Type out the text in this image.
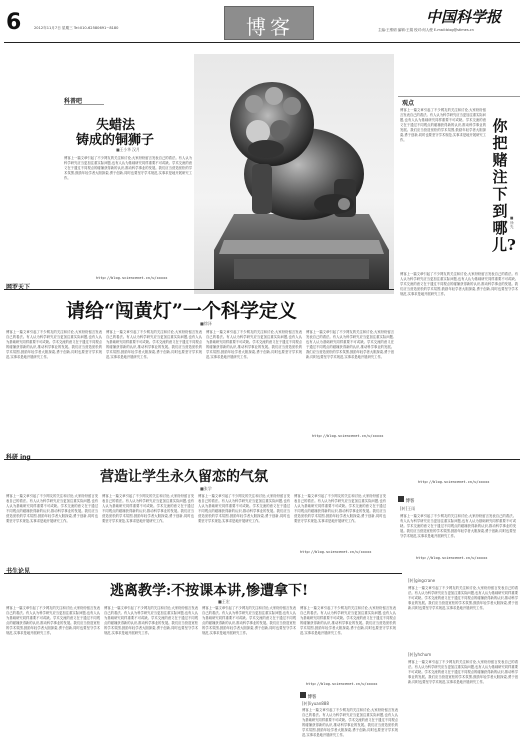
6	2012年11月7日 星期三 Tel:010-62580691~8180	博客	中国科学报
主编:王维炳 编辑:王娟 校对:何人俊 E-mail:blog@stimes.cn
科普吧
失蜡法
铸成的铜狮子
■王小华 汉月
博客上一篇文章引起了不少网友的关注和讨论,大家纷纷留言发表自己的看法。有人认为科学研究应当更加注重实际问题,也有人认为基础研究同样重要不可或缺。学术交流的意义在于通过不同观点的碰撞获得新的认识,推动科学事业的发展。我们应当营造宽松的学术氛围,鼓励年轻学者大胆探索,勇于创新,同时也要坚守学术规范,实事求是地开展研究工作。
http://blog.sciencenet.cn/u/xxxxx
观点
博客上一篇文章引起了不少网友的关注和讨论,大家纷纷留言发表自己的看法。有人认为科学研究应当更加注重实际问题,也有人认为基础研究同样重要不可或缺。学术交流的意义在于通过不同观点的碰撞获得新的认识,推动科学事业的发展。我们应当营造宽松的学术氛围,鼓励年轻学者大胆探索,勇于创新,同时也要坚守学术规范,实事求是地开展研究工作。
你把赌注下到哪儿?
■徐先
博客上一篇文章引起了不少网友的关注和讨论,大家纷纷留言发表自己的看法。有人认为科学研究应当更加注重实际问题,也有人认为基础研究同样重要不可或缺。学术交流的意义在于通过不同观点的碰撞获得新的认识,推动科学事业的发展。我们应当营造宽松的学术氛围,鼓励年轻学者大胆探索,勇于创新,同时也要坚守学术规范,实事求是地开展研究工作。
http://blog.sciencenet.cn/u/xxxxx
网罗天下
请给“闯黄灯”一个科学定义
■徐泽
博客上一篇文章引起了不少网友的关注和讨论,大家纷纷留言发表自己的看法。有人认为科学研究应当更加注重实际问题,也有人认为基础研究同样重要不可或缺。学术交流的意义在于通过不同观点的碰撞获得新的认识,推动科学事业的发展。我们应当营造宽松的学术氛围,鼓励年轻学者大胆探索,勇于创新,同时也要坚守学术规范,实事求是地开展研究工作。
博客上一篇文章引起了不少网友的关注和讨论,大家纷纷留言发表自己的看法。有人认为科学研究应当更加注重实际问题,也有人认为基础研究同样重要不可或缺。学术交流的意义在于通过不同观点的碰撞获得新的认识,推动科学事业的发展。我们应当营造宽松的学术氛围,鼓励年轻学者大胆探索,勇于创新,同时也要坚守学术规范,实事求是地开展研究工作。
博客上一篇文章引起了不少网友的关注和讨论,大家纷纷留言发表自己的看法。有人认为科学研究应当更加注重实际问题,也有人认为基础研究同样重要不可或缺。学术交流的意义在于通过不同观点的碰撞获得新的认识,推动科学事业的发展。我们应当营造宽松的学术氛围,鼓励年轻学者大胆探索,勇于创新,同时也要坚守学术规范,实事求是地开展研究工作。
博客上一篇文章引起了不少网友的关注和讨论,大家纷纷留言发表自己的看法。有人认为科学研究应当更加注重实际问题,也有人认为基础研究同样重要不可或缺。学术交流的意义在于通过不同观点的碰撞获得新的认识,推动科学事业的发展。我们应当营造宽松的学术氛围,鼓励年轻学者大胆探索,勇于创新,同时也要坚守学术规范,实事求是地开展研究工作。
http://blog.sciencenet.cn/u/xxxxx
科研 ing
营造让学生永久留恋的气氛
■张学
博客上一篇文章引起了不少网友的关注和讨论,大家纷纷留言发表自己的看法。有人认为科学研究应当更加注重实际问题,也有人认为基础研究同样重要不可或缺。学术交流的意义在于通过不同观点的碰撞获得新的认识,推动科学事业的发展。我们应当营造宽松的学术氛围,鼓励年轻学者大胆探索,勇于创新,同时也要坚守学术规范,实事求是地开展研究工作。
博客上一篇文章引起了不少网友的关注和讨论,大家纷纷留言发表自己的看法。有人认为科学研究应当更加注重实际问题,也有人认为基础研究同样重要不可或缺。学术交流的意义在于通过不同观点的碰撞获得新的认识,推动科学事业的发展。我们应当营造宽松的学术氛围,鼓励年轻学者大胆探索,勇于创新,同时也要坚守学术规范,实事求是地开展研究工作。
博客上一篇文章引起了不少网友的关注和讨论,大家纷纷留言发表自己的看法。有人认为科学研究应当更加注重实际问题,也有人认为基础研究同样重要不可或缺。学术交流的意义在于通过不同观点的碰撞获得新的认识,推动科学事业的发展。我们应当营造宽松的学术氛围,鼓励年轻学者大胆探索,勇于创新,同时也要坚守学术规范,实事求是地开展研究工作。
博客上一篇文章引起了不少网友的关注和讨论,大家纷纷留言发表自己的看法。有人认为科学研究应当更加注重实际问题,也有人认为基础研究同样重要不可或缺。学术交流的意义在于通过不同观点的碰撞获得新的认识,推动科学事业的发展。我们应当营造宽松的学术氛围,鼓励年轻学者大胆探索,勇于创新,同时也要坚守学术规范,实事求是地开展研究工作。
http://blog.sciencenet.cn/u/xxxxx
博客
[转]王雨
博客上一篇文章引起了不少网友的关注和讨论,大家纷纷留言发表自己的看法。有人认为科学研究应当更加注重实际问题,也有人认为基础研究同样重要不可或缺。学术交流的意义在于通过不同观点的碰撞获得新的认识,推动科学事业的发展。我们应当营造宽松的学术氛围,鼓励年轻学者大胆探索,勇于创新,同时也要坚守学术规范,实事求是地开展研究工作。
http://blog.sciencenet.cn/u/xxxxx
书生论见
逃离教学:不按课本讲,惨遭拿下!
■王宏
博客上一篇文章引起了不少网友的关注和讨论,大家纷纷留言发表自己的看法。有人认为科学研究应当更加注重实际问题,也有人认为基础研究同样重要不可或缺。学术交流的意义在于通过不同观点的碰撞获得新的认识,推动科学事业的发展。我们应当营造宽松的学术氛围,鼓励年轻学者大胆探索,勇于创新,同时也要坚守学术规范,实事求是地开展研究工作。
博客上一篇文章引起了不少网友的关注和讨论,大家纷纷留言发表自己的看法。有人认为科学研究应当更加注重实际问题,也有人认为基础研究同样重要不可或缺。学术交流的意义在于通过不同观点的碰撞获得新的认识,推动科学事业的发展。我们应当营造宽松的学术氛围,鼓励年轻学者大胆探索,勇于创新,同时也要坚守学术规范,实事求是地开展研究工作。
博客上一篇文章引起了不少网友的关注和讨论,大家纷纷留言发表自己的看法。有人认为科学研究应当更加注重实际问题,也有人认为基础研究同样重要不可或缺。学术交流的意义在于通过不同观点的碰撞获得新的认识,推动科学事业的发展。我们应当营造宽松的学术氛围,鼓励年轻学者大胆探索,勇于创新,同时也要坚守学术规范,实事求是地开展研究工作。
博客上一篇文章引起了不少网友的关注和讨论,大家纷纷留言发表自己的看法。有人认为科学研究应当更加注重实际问题,也有人认为基础研究同样重要不可或缺。学术交流的意义在于通过不同观点的碰撞获得新的认识,推动科学事业的发展。我们应当营造宽松的学术氛围,鼓励年轻学者大胆探索,勇于创新,同时也要坚守学术规范,实事求是地开展研究工作。
http://blog.sciencenet.cn/u/xxxxx
博客
[转]liyuan888
博客上一篇文章引起了不少网友的关注和讨论,大家纷纷留言发表自己的看法。有人认为科学研究应当更加注重实际问题,也有人认为基础研究同样重要不可或缺。学术交流的意义在于通过不同观点的碰撞获得新的认识,推动科学事业的发展。我们应当营造宽松的学术氛围,鼓励年轻学者大胆探索,勇于创新,同时也要坚守学术规范,实事求是地开展研究工作。
[转]gingcrane
博客上一篇文章引起了不少网友的关注和讨论,大家纷纷留言发表自己的看法。有人认为科学研究应当更加注重实际问题,也有人认为基础研究同样重要不可或缺。学术交流的意义在于通过不同观点的碰撞获得新的认识,推动科学事业的发展。我们应当营造宽松的学术氛围,鼓励年轻学者大胆探索,勇于创新,同时也要坚守学术规范,实事求是地开展研究工作。
[转]yhchum
博客上一篇文章引起了不少网友的关注和讨论,大家纷纷留言发表自己的看法。有人认为科学研究应当更加注重实际问题,也有人认为基础研究同样重要不可或缺。学术交流的意义在于通过不同观点的碰撞获得新的认识,推动科学事业的发展。我们应当营造宽松的学术氛围,鼓励年轻学者大胆探索,勇于创新,同时也要坚守学术规范,实事求是地开展研究工作。
